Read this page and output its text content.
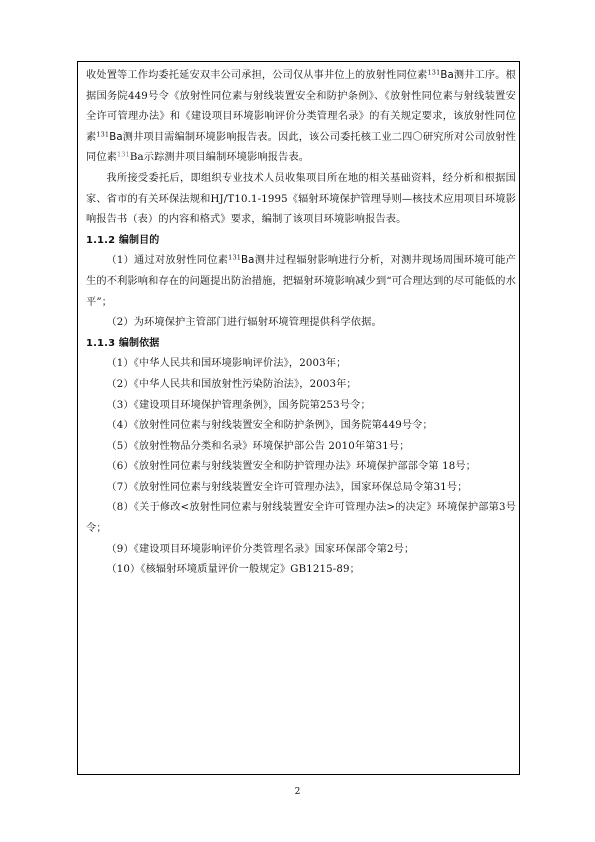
收处置等工作均委托延安双丰公司承担，公司仅从事井位上的放射性同位素$^{131}$Ba测井工序。根据国务院449号令《放射性同位素与射线装置安全和防护条例》、《放射性同位素与射线装置安全许可管理办法》和《建设项目环境影响评价分类管理名录》的有关规定要求，该放射性同位素$^{131}$Ba测井项目需编制环境影响报告表。因此，该公司委托核工业二四〇研究所对公司放射性同位素$^{131}$Ba示踪测井项目编制环境影响报告表。

我所接受委托后，即组织专业技术人员收集项目所在地的相关基础资料，经分析和根据国家、省市的有关环保法规和HJ/T10.1-1995《辐射环境保护管理导则—核技术应用项目环境影响报告书（表）的内容和格式》要求，编制了该项目环境影响报告表。

1.1.2 编制目的

（1）通过对放射性同位素$^{131}$Ba测井过程辐射影响进行分析，对测井现场周围环境可能产生的不利影响和存在的问题提出防治措施，把辐射环境影响减少到“可合理达到的尽可能低的水平”；

（2）为环境保护主管部门进行辐射环境管理提供科学依据。

1.1.3 编制依据

（1）《中华人民共和国环境影响评价法》，2003年；

（2）《中华人民共和国放射性污染防治法》，2003年；

（3）《建设项目环境保护管理条例》，国务院第253号令；

（4）《放射性同位素与射线装置安全和防护条例》，国务院第449号令；

（5）《放射性物品分类和名录》环境保护部公告 2010年第31号；

（6）《放射性同位素与射线装置安全和防护管理办法》环境保护部部令第 18号；

（7）《放射性同位素与射线装置安全许可管理办法》，国家环保总局令第31号；

（8）《关于修改<放射性同位素与射线装置安全许可管理办法>的决定》环境保护部第3号令；

（9）《建设项目环境影响评价分类管理名录》国家环保部令第2号；

（10）《核辐射环境质量评价一般规定》GB1215-89；

2
